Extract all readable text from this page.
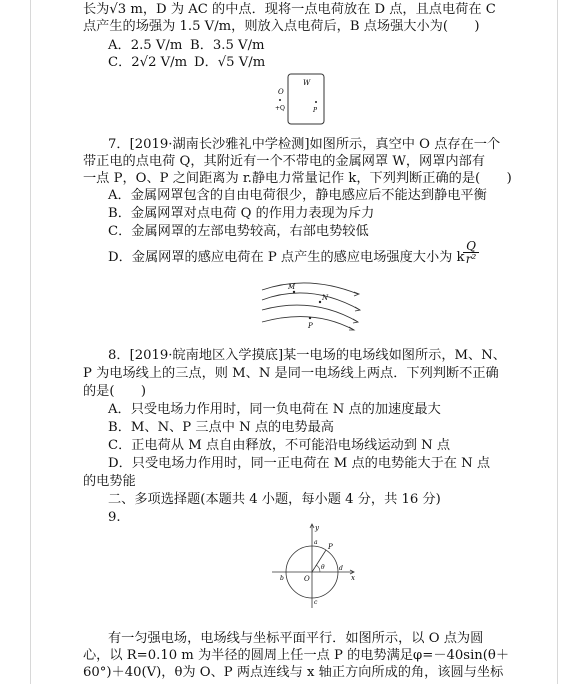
长为√3 m，D 为 AC 的中点．现将一点电荷放在 D 点，且点电荷在 C
点产生的场强为 1.5 V/m，则放入点电荷后，B 点场强大小为(　　)
A．2.5 V/m B．3.5 V/m
C．2√2 V/m D．√5 V/m
W
O
+Q	P
7．[2019·湖南长沙雅礼中学检测]如图所示，真空中 O 点存在一个
带正电的点电荷 Q，其附近有一个不带电的金属网罩 W，网罩内部有
一点 P，O、P 之间距离为 r.静电力常量记作 k，下列判断正确的是(　　)
A．金属网罩包含的自由电荷很少，静电感应后不能达到静电平衡
B．金属网罩对点电荷 Q 的作用力表现为斥力
C．金属网罩的左部电势较高，右部电势较低
D．金属网罩的感应电荷在 P 点产生的感应电场强度大小为 k
Q
r²
M
N
P
8．[2019·皖南地区入学摸底]某一电场的电场线如图所示，M、N、
P 为电场线上的三点，则 M、N 是同一电场线上两点．下列判断不正确
的是(　　)
A．只受电场力作用时，同一负电荷在 N 点的加速度最大
B．M、N、P 三点中 N 点的电势最高
C．正电荷从 M 点自由释放，不可能沿电场线运动到 N 点
D．只受电场力作用时，同一正电荷在 M 点的电势能大于在 N 点
的电势能
二、多项选择题(本题共 4 小题，每小题 4 分，共 16 分)
9.
y
x
O
P
a
b
c
d
θ
有一匀强电场，电场线与坐标平面平行．如图所示，以 O 点为圆
心，以 R=0.10 m 为半径的圆周上任一点 P 的电势满足φ=－40sin(θ＋
60°)＋40(V)，θ为 O、P 两点连线与 x 轴正方向所成的角，该圆与坐标
